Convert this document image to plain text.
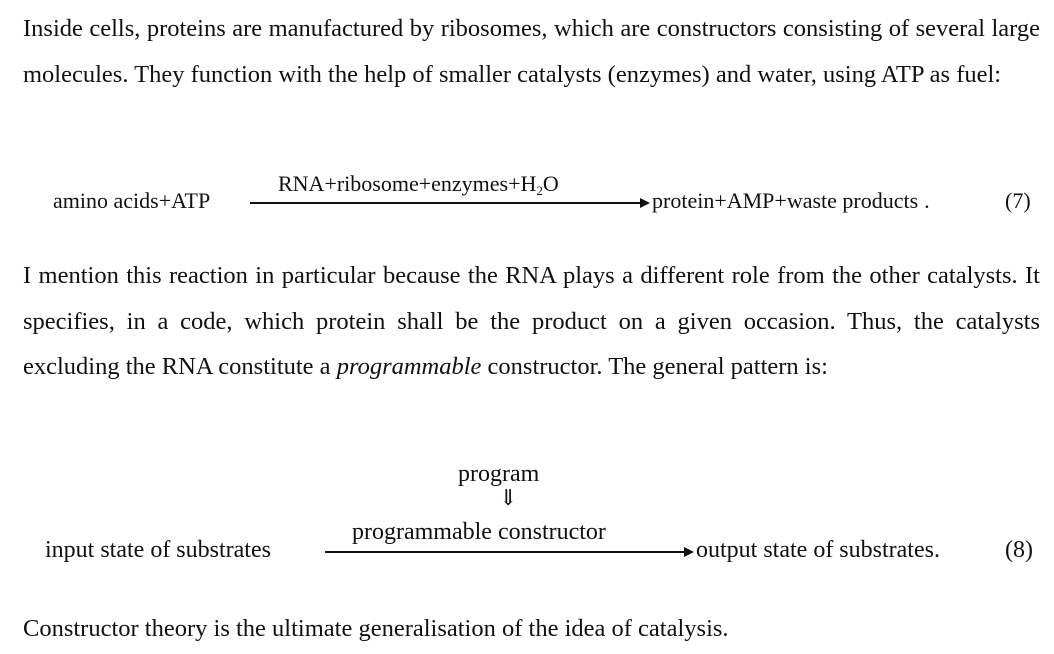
Inside cells, proteins are manufactured by ribosomes, which are constructors consisting of several large molecules. They function with the help of smaller catalysts (enzymes) and water, using ATP as fuel:

amino acids+ATP
$RNA+ribosome+enzymes+H_2O$
protein+AMP+waste products .	(7)

I mention this reaction in particular because the RNA plays a different role from the other catalysts. It specifies, in a code, which protein shall be the product on a given occasion. Thus, the catalysts excluding the RNA constitute a programmable constructor. The general pattern is:

program
⇓
programmable constructor
input state of substrates	output state of substrates.	(8)

Constructor theory is the ultimate generalisation of the idea of catalysis.
